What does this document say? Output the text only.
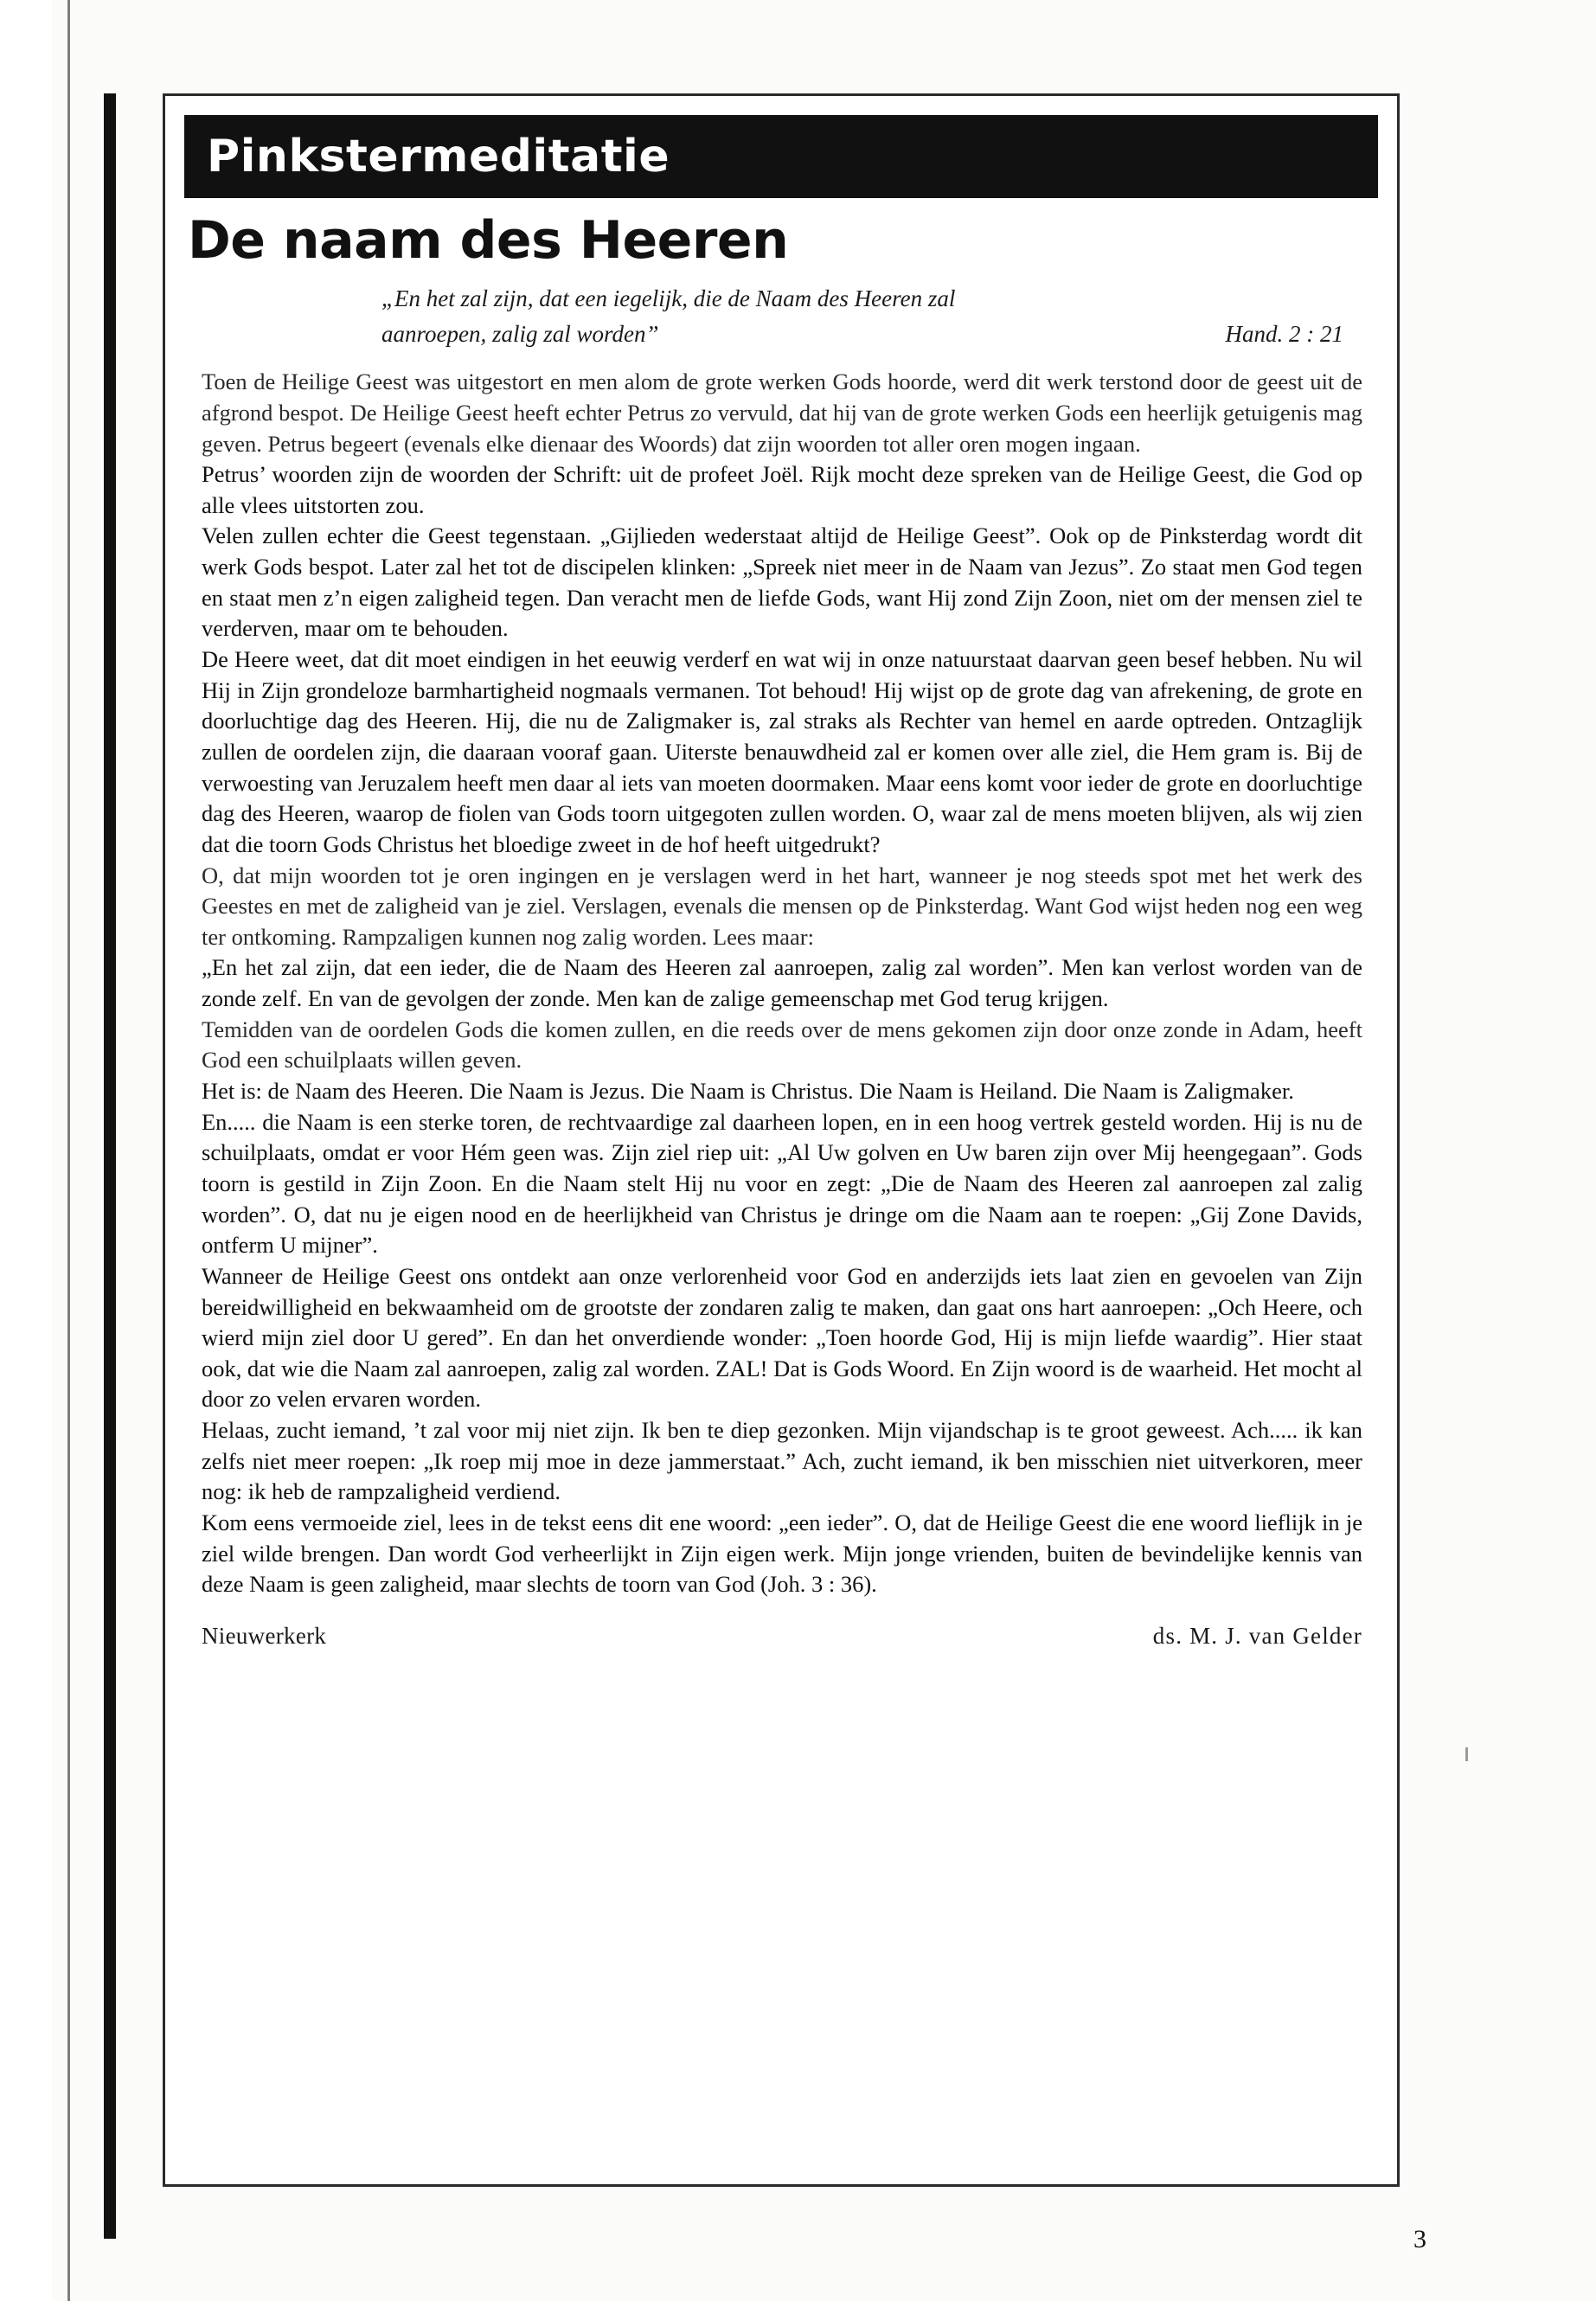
Pinkstermeditatie
De naam des Heeren
„En het zal zijn, dat een iegelijk, die de Naam des Heeren zal
aanroepen, zalig zal worden”	Hand. 2 : 21

Toen de Heilige Geest was uitgestort en men alom de grote werken Gods hoorde, werd dit werk terstond door de geest uit de afgrond bespot. De Heilige Geest heeft echter Petrus zo vervuld, dat hij van de grote werken Gods een heerlijk getuigenis mag geven. Petrus begeert (evenals elke dienaar des Woords) dat zijn woorden tot aller oren mogen ingaan.

Petrus’ woorden zijn de woorden der Schrift: uit de profeet Joël. Rijk mocht deze spreken van de Heilige Geest, die God op alle vlees uitstorten zou.

Velen zullen echter die Geest tegenstaan. „Gijlieden wederstaat altijd de Heilige Geest”. Ook op de Pinksterdag wordt dit werk Gods bespot. Later zal het tot de discipelen klinken: „Spreek niet meer in de Naam van Jezus”. Zo staat men God tegen en staat men z’n eigen zaligheid tegen. Dan veracht men de liefde Gods, want Hij zond Zijn Zoon, niet om der mensen ziel te verderven, maar om te behouden.

De Heere weet, dat dit moet eindigen in het eeuwig verderf en wat wij in onze natuurstaat daarvan geen besef hebben. Nu wil Hij in Zijn grondeloze barmhartigheid nogmaals vermanen. Tot behoud! Hij wijst op de grote dag van afrekening, de grote en doorluchtige dag des Heeren. Hij, die nu de Zaligmaker is, zal straks als Rechter van hemel en aarde optreden. Ontzaglijk zullen de oordelen zijn, die daaraan vooraf gaan. Uiterste benauwdheid zal er komen over alle ziel, die Hem gram is. Bij de verwoesting van Jeruzalem heeft men daar al iets van moeten doormaken. Maar eens komt voor ieder de grote en doorluchtige dag des Heeren, waarop de fiolen van Gods toorn uitgegoten zullen worden. O, waar zal de mens moeten blijven, als wij zien dat die toorn Gods Christus het bloedige zweet in de hof heeft uitgedrukt?

O, dat mijn woorden tot je oren ingingen en je verslagen werd in het hart, wanneer je nog steeds spot met het werk des Geestes en met de zaligheid van je ziel. Verslagen, evenals die mensen op de Pinksterdag. Want God wijst heden nog een weg ter ontkoming. Rampzaligen kunnen nog zalig worden. Lees maar:

„En het zal zijn, dat een ieder, die de Naam des Heeren zal aanroepen, zalig zal worden”. Men kan verlost worden van de zonde zelf. En van de gevolgen der zonde. Men kan de zalige gemeenschap met God terug krijgen.

Temidden van de oordelen Gods die komen zullen, en die reeds over de mens gekomen zijn door onze zonde in Adam, heeft God een schuilplaats willen geven.

Het is: de Naam des Heeren. Die Naam is Jezus. Die Naam is Christus. Die Naam is Heiland. Die Naam is Zaligmaker.

En..... die Naam is een sterke toren, de rechtvaardige zal daarheen lopen, en in een hoog vertrek gesteld worden. Hij is nu de schuilplaats, omdat er voor Hém geen was. Zijn ziel riep uit: „Al Uw golven en Uw baren zijn over Mij heengegaan”. Gods toorn is gestild in Zijn Zoon. En die Naam stelt Hij nu voor en zegt: „Die de Naam des Heeren zal aanroepen zal zalig worden”. O, dat nu je eigen nood en de heerlijkheid van Christus je dringe om die Naam aan te roepen: „Gij Zone Davids, ontferm U mijner”.

Wanneer de Heilige Geest ons ontdekt aan onze verlorenheid voor God en anderzijds iets laat zien en gevoelen van Zijn bereidwilligheid en bekwaamheid om de grootste der zondaren zalig te maken, dan gaat ons hart aanroepen: „Och Heere, och wierd mijn ziel door U gered”. En dan het onverdiende wonder: „Toen hoorde God, Hij is mijn liefde waardig”. Hier staat ook, dat wie die Naam zal aanroepen, zalig zal worden. ZAL! Dat is Gods Woord. En Zijn woord is de waarheid. Het mocht al door zo velen ervaren worden.

Helaas, zucht iemand, ’t zal voor mij niet zijn. Ik ben te diep gezonken. Mijn vijandschap is te groot geweest. Ach..... ik kan zelfs niet meer roepen: „Ik roep mij moe in deze jammerstaat.” Ach, zucht iemand, ik ben misschien niet uitverkoren, meer nog: ik heb de rampzaligheid verdiend.

Kom eens vermoeide ziel, lees in de tekst eens dit ene woord: „een ieder”. O, dat de Heilige Geest die ene woord lieflijk in je ziel wilde brengen. Dan wordt God verheerlijkt in Zijn eigen werk. Mijn jonge vrienden, buiten de bevindelijke kennis van deze Naam is geen zaligheid, maar slechts de toorn van God (Joh. 3 : 36).

Nieuwerkerk	ds. M. J. van Gelder
3
